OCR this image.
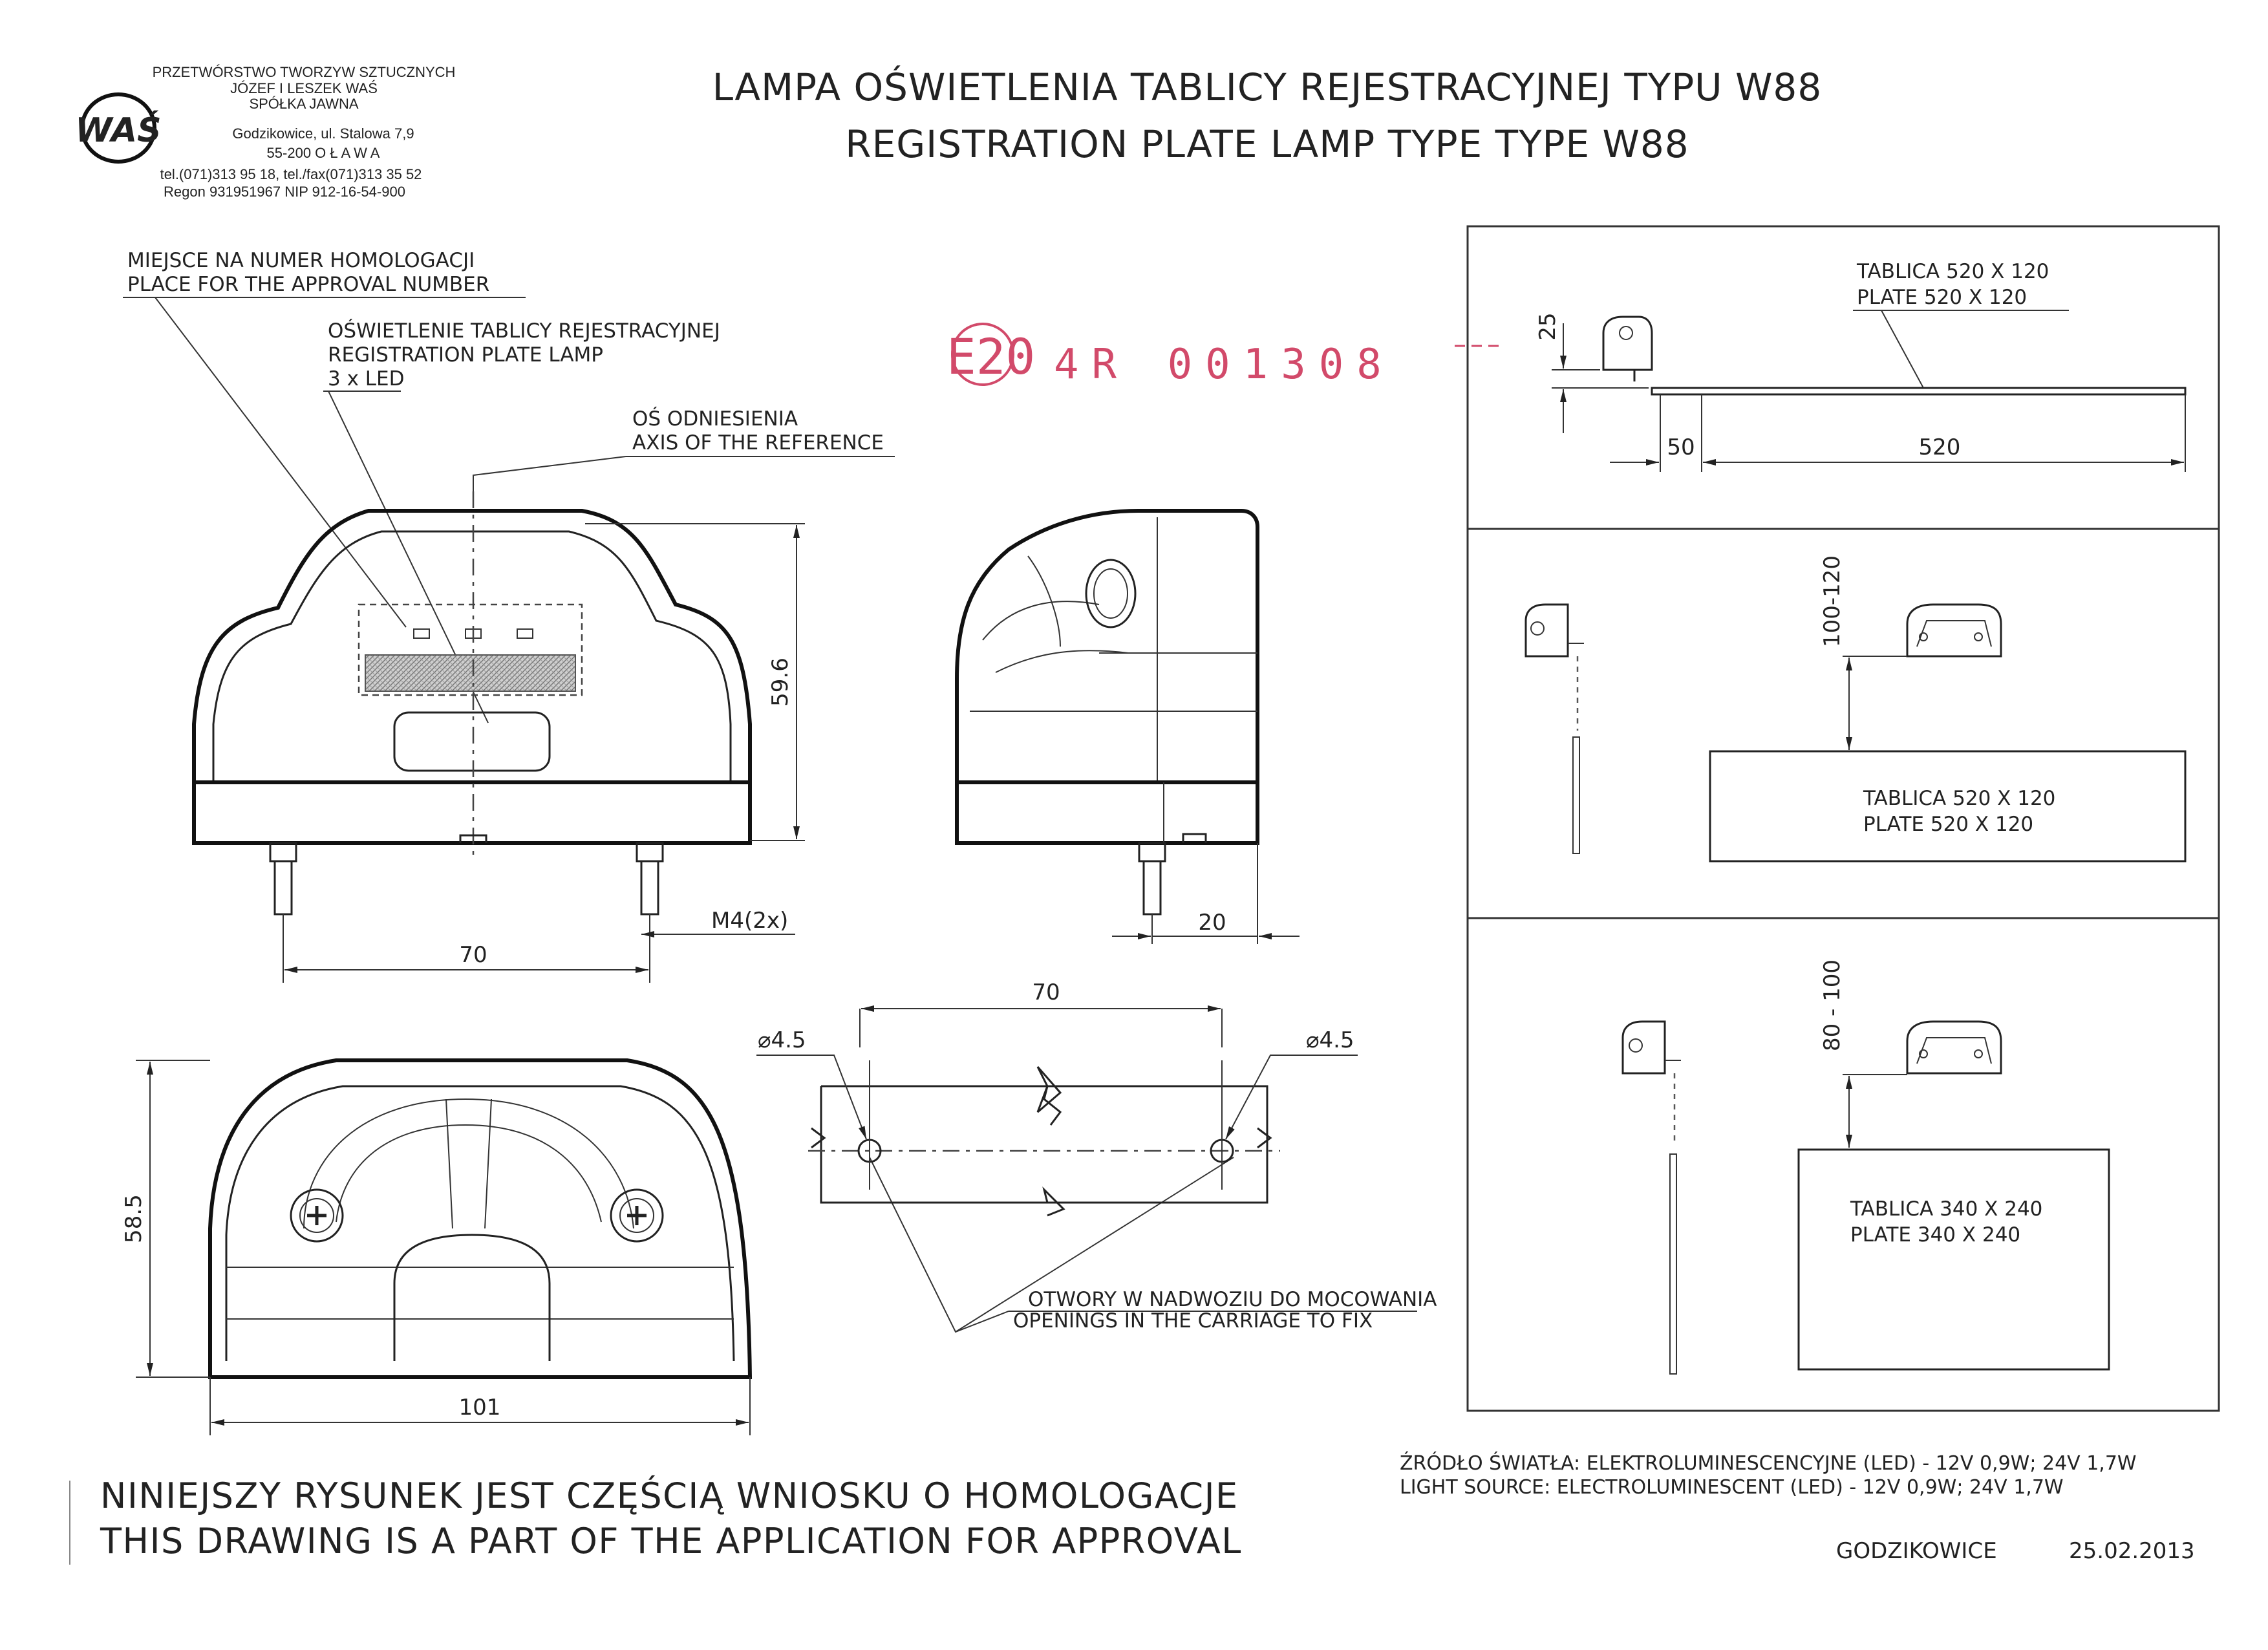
WAŚ
PRZETWÓRSTWO TWORZYW SZTUCZNYCH
JÓZEF I LESZEK WAŚ
SPÓŁKA JAWNA
Godzikowice, ul. Stalowa 7,9
55-200 O Ł A W A
tel.(071)313 95 18, tel./fax(071)313 35 52
Regon 931951967 NIP 912-16-54-900
LAMPA OŚWIETLENIA TABLICY REJESTRACYJNEJ TYPU W88
REGISTRATION PLATE LAMP TYPE TYPE W88
E20 4R 001308
MIEJSCE NA NUMER HOMOLOGACJI
PLACE FOR THE APPROVAL NUMBER
OŚWIETLENIE TABLICY REJESTRACYJNEJ
REGISTRATION PLATE LAMP
3 x LED
OŚ ODNIESIENIA
AXIS OF THE REFERENCE
OTWORY W NADWOZIU DO MOCOWANIA
OPENINGS IN THE CARRIAGE TO FIX
59.6
70
M4(2x)	20
58.5
101
70
⌀4.5	⌀4.5
TABLICA 520 X 120
PLATE 520 X 120
25
50	520
100-120
TABLICA 520 X 120
PLATE 520 X 120
80 - 100
TABLICA 340 X 240
PLATE 340 X 240
NINIEJSZY RYSUNEK JEST CZĘŚCIĄ WNIOSKU O HOMOLOGACJE
THIS DRAWING IS A PART OF THE APPLICATION FOR APPROVAL
ŹRÓDŁO ŚWIATŁA: ELEKTROLUMINESCENCYJNE (LED) - 12V 0,9W; 24V 1,7W
LIGHT SOURCE: ELECTROLUMINESCENT (LED) - 12V 0,9W; 24V 1,7W
GODZIKOWICE	25.02.2013
